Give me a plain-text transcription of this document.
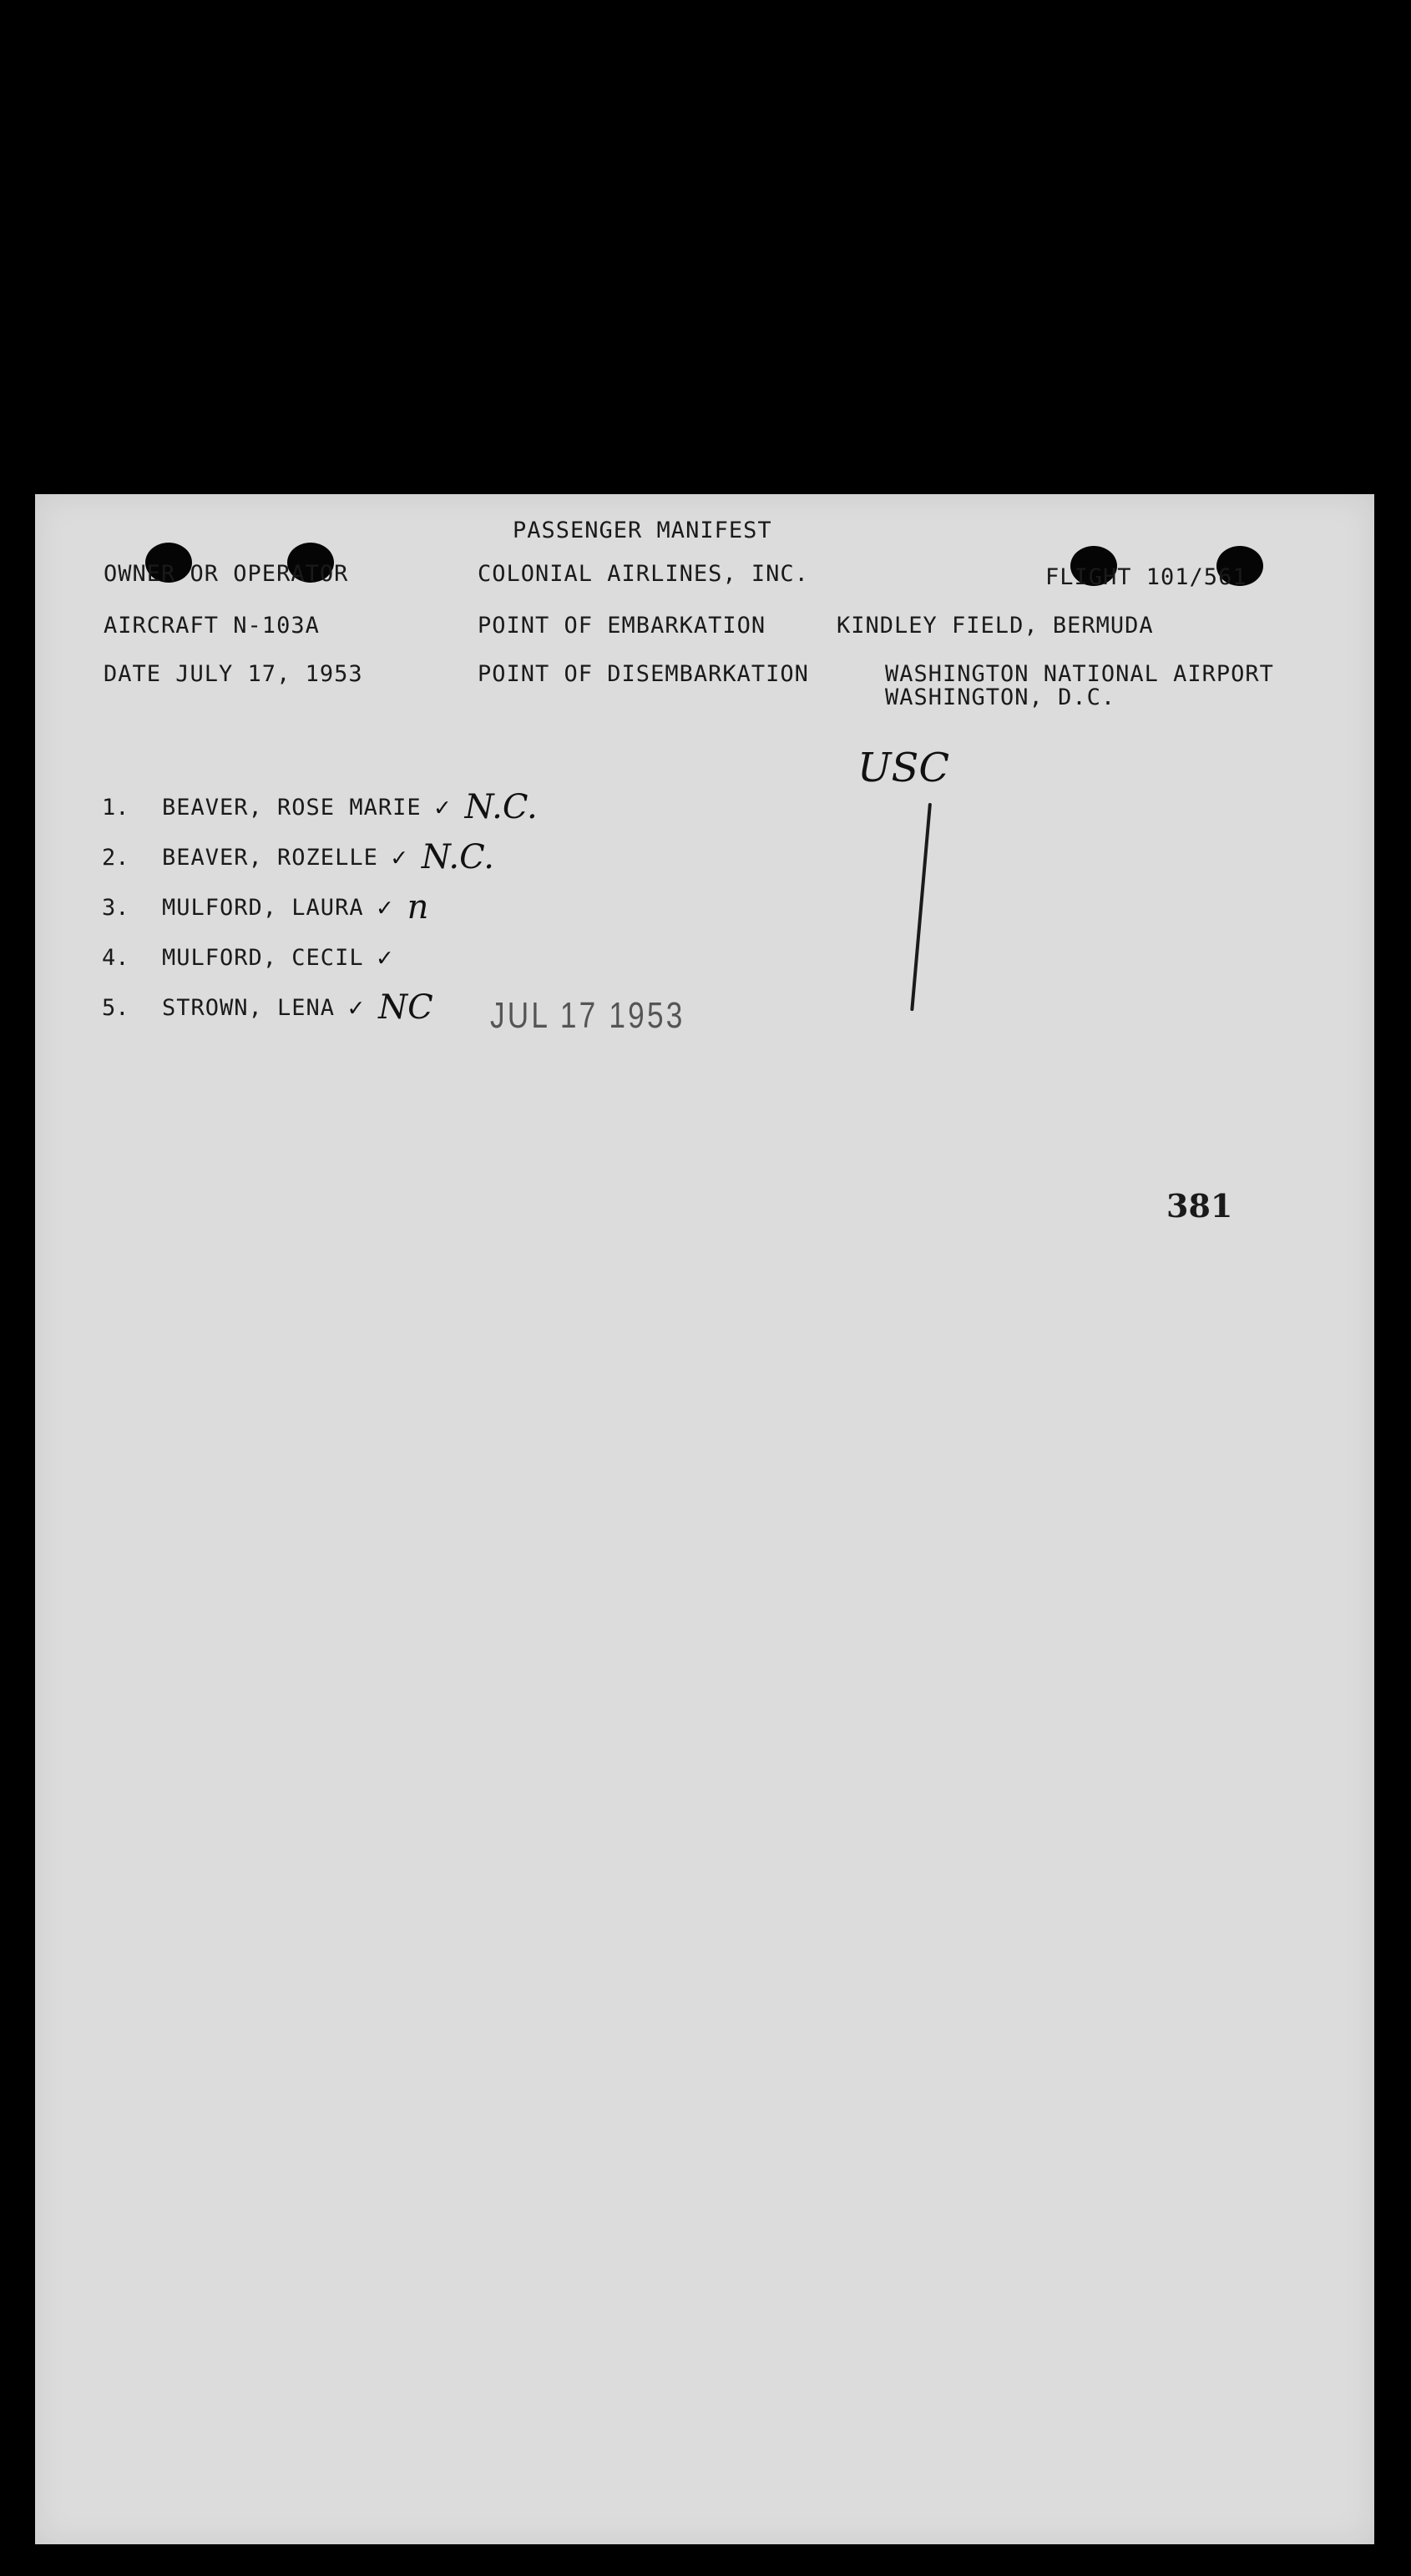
PASSENGER MANIFEST
OWNER OR OPERATOR	COLONIAL AIRLINES, INC.	FLIGHT 101/561
AIRCRAFT N-103A	POINT OF EMBARKATION	KINDLEY FIELD, BERMUDA
DATE JULY 17, 1953	POINT OF DISEMBARKATION	WASHINGTON NATIONAL AIRPORT
WASHINGTON, D.C.
1.	BEAVER, ROSE MARIE ✓ N.C.
2.	BEAVER, ROZELLE ✓ N.C.
3.	MULFORD, LAURA ✓ n
4.	MULFORD, CECIL ✓
5.	STROWN, LENA ✓ NC
USC
JUL 17 1953
381
